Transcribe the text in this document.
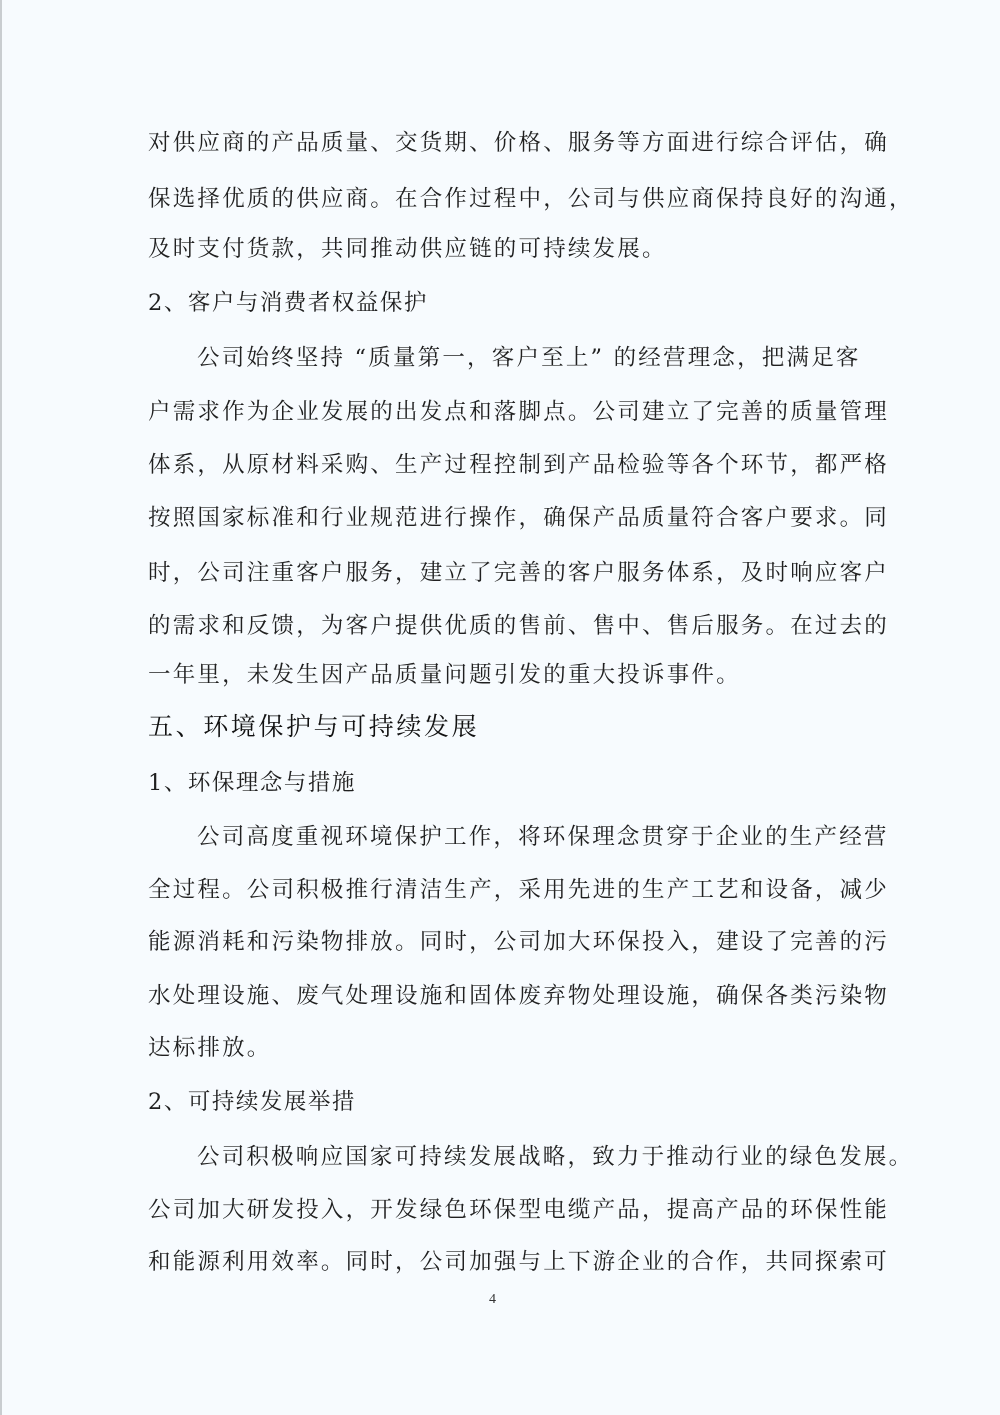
对供应商的产品质量、交货期、价格、服务等方面进行综合评估，确
保选择优质的供应商。在合作过程中，公司与供应商保持良好的沟通，
及时支付货款，共同推动供应链的可持续发展。
2、客户与消费者权益保护
公司始终坚持 “质量第一，客户至上” 的经营理念，把满足客
户需求作为企业发展的出发点和落脚点。公司建立了完善的质量管理
体系，从原材料采购、生产过程控制到产品检验等各个环节，都严格
按照国家标准和行业规范进行操作，确保产品质量符合客户要求。同
时，公司注重客户服务，建立了完善的客户服务体系，及时响应客户
的需求和反馈，为客户提供优质的售前、售中、售后服务。在过去的
一年里，未发生因产品质量问题引发的重大投诉事件。
五、环境保护与可持续发展
1、环保理念与措施
公司高度重视环境保护工作，将环保理念贯穿于企业的生产经营
全过程。公司积极推行清洁生产，采用先进的生产工艺和设备，减少
能源消耗和污染物排放。同时，公司加大环保投入，建设了完善的污
水处理设施、废气处理设施和固体废弃物处理设施，确保各类污染物
达标排放。
2、可持续发展举措
公司积极响应国家可持续发展战略，致力于推动行业的绿色发展。
公司加大研发投入，开发绿色环保型电缆产品，提高产品的环保性能
和能源利用效率。同时，公司加强与上下游企业的合作，共同探索可
4
